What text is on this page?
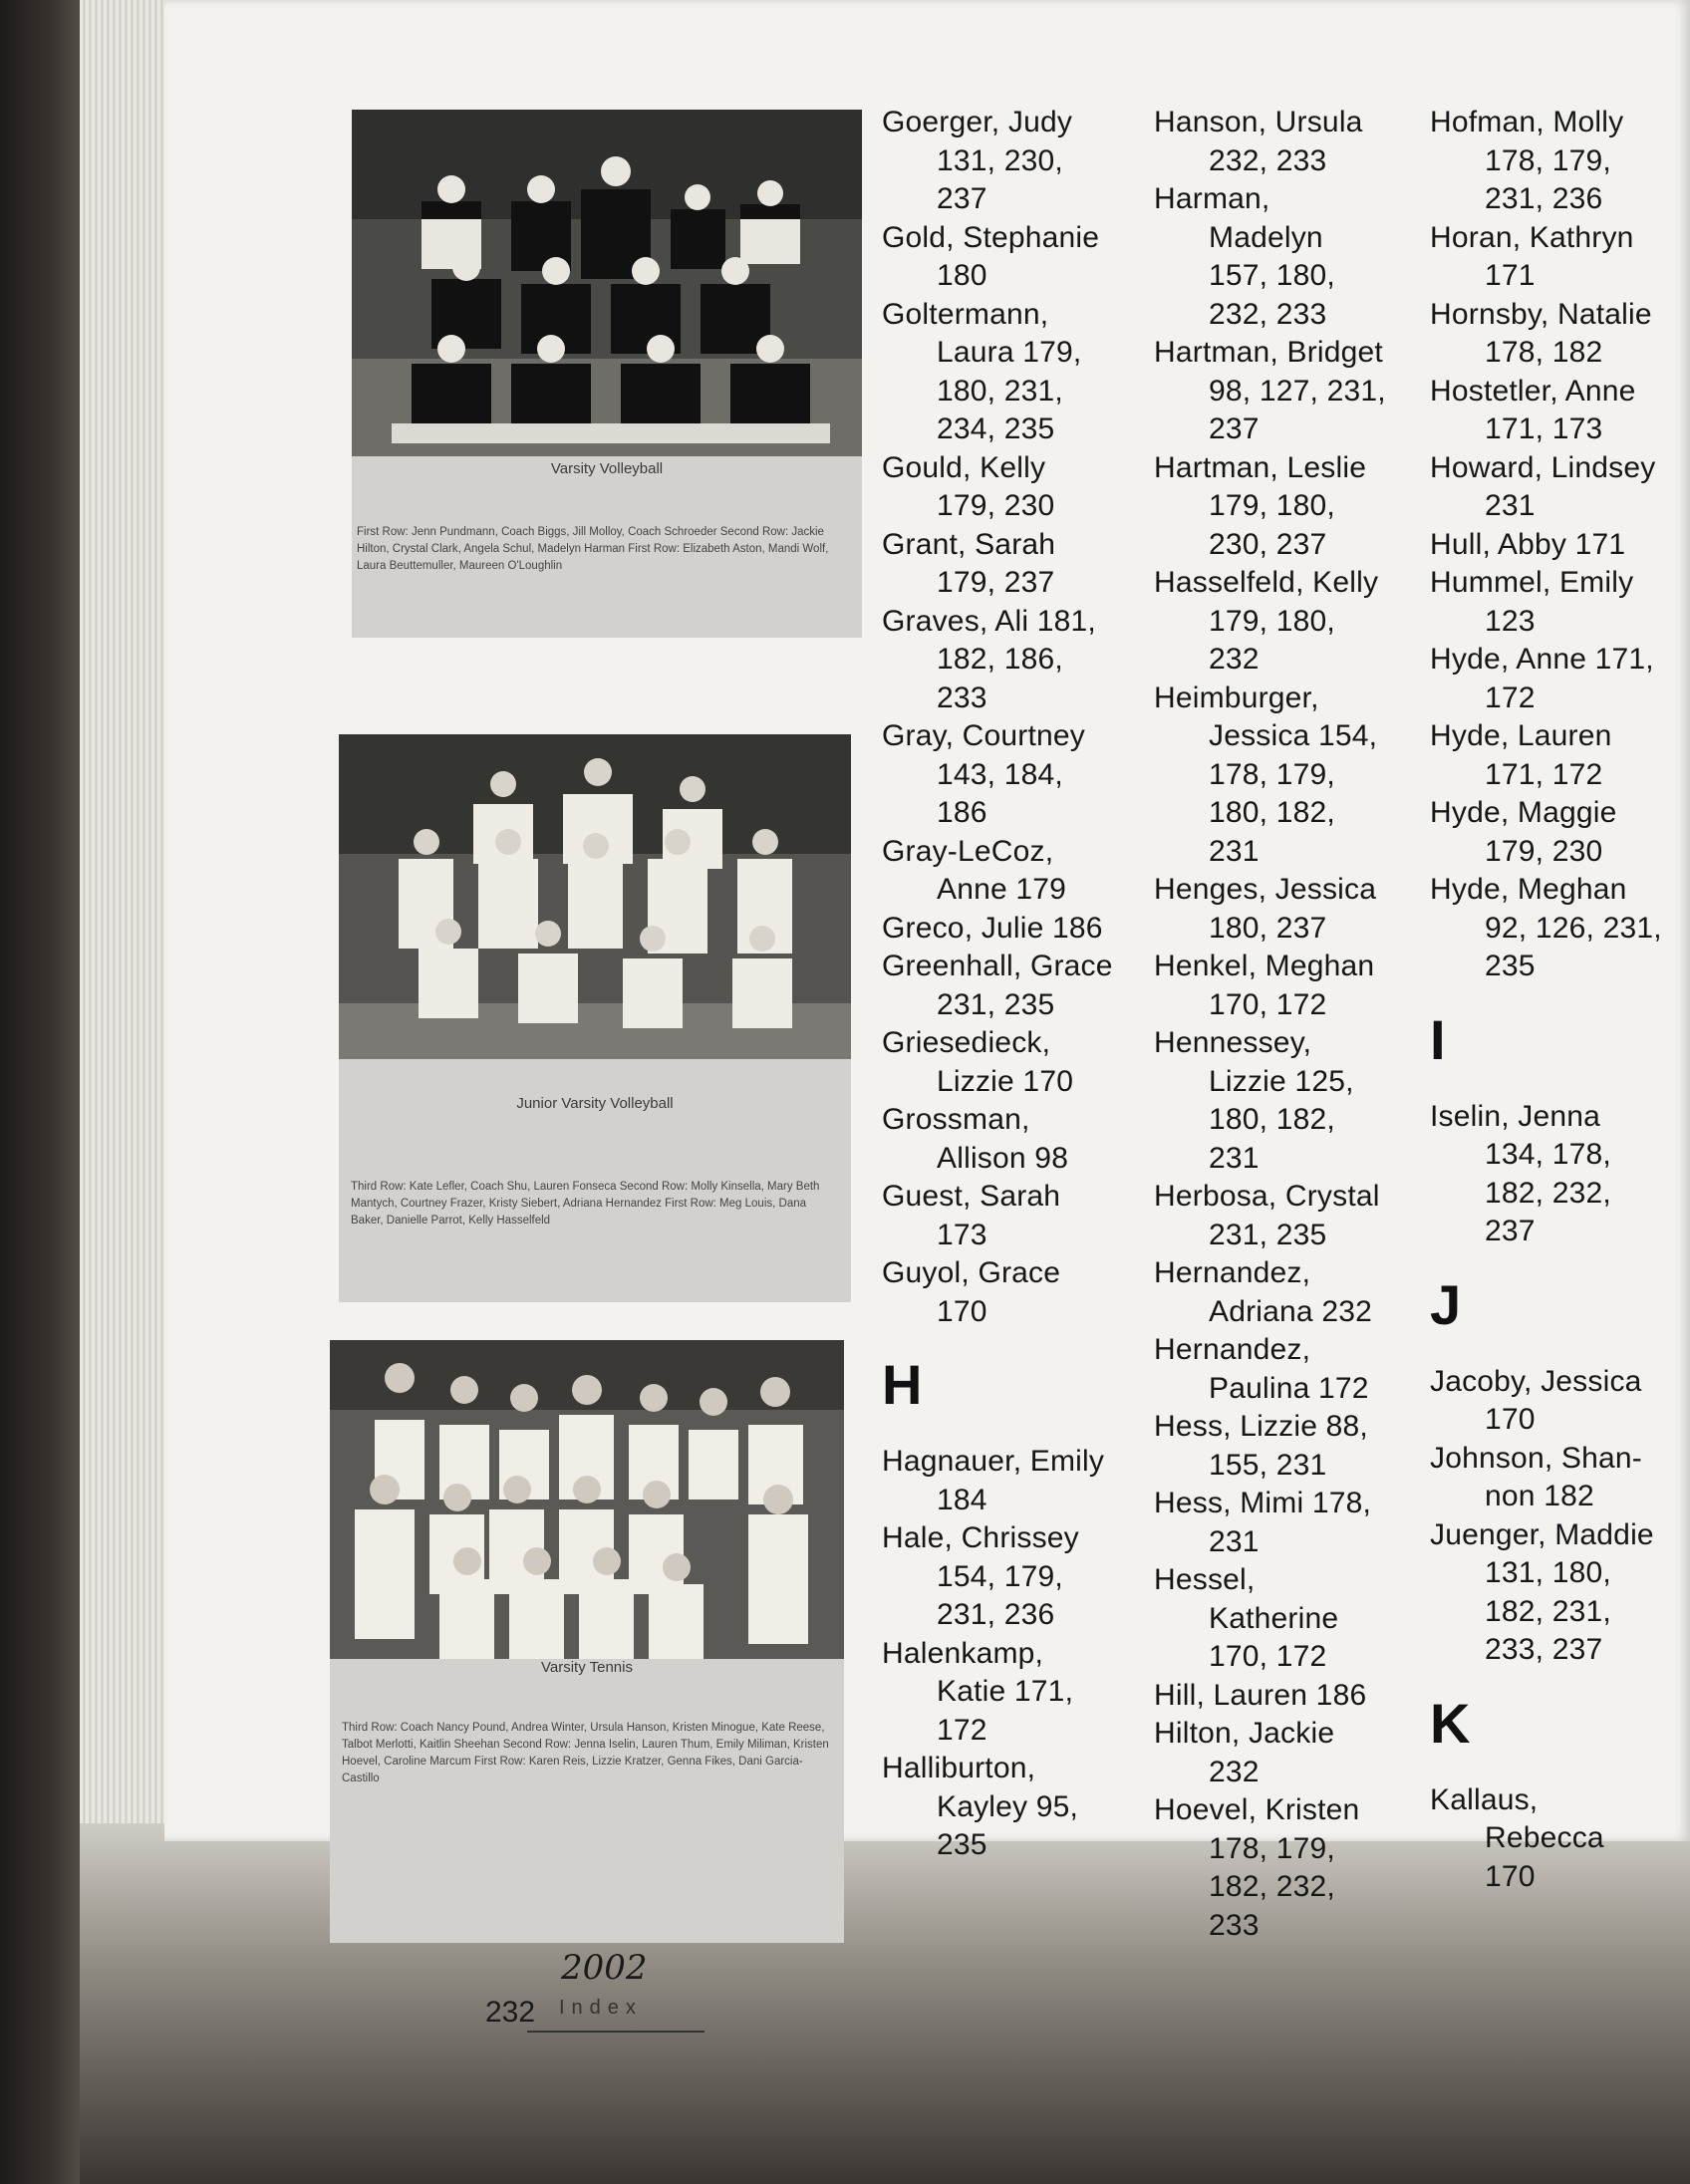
Varsity Volleyball
First Row: Jenn Pundmann, Coach Biggs, Jill Molloy, Coach Schroeder Second Row: Jackie Hilton, Crystal Clark, Angela Schul, Madelyn Harman First Row: Elizabeth Aston, Mandi Wolf, Laura Beuttemuller, Maureen O'Loughlin
Junior Varsity Volleyball
Third Row: Kate Lefler, Coach Shu, Lauren Fonseca Second Row: Molly Kinsella, Mary Beth Mantych, Courtney Frazer, Kristy Siebert, Adriana Hernandez First Row: Meg Louis, Dana Baker, Danielle Parrot, Kelly Hasselfeld
Varsity Tennis
Third Row: Coach Nancy Pound, Andrea Winter, Ursula Hanson, Kristen Minogue, Kate Reese, Talbot Merlotti, Kaitlin Sheehan Second Row: Jenna Iselin, Lauren Thum, Emily Miliman, Kristen Hoevel, Caroline Marcum First Row: Karen Reis, Lizzie Kratzer, Genna Fikes, Dani Garcia-Castillo
Goerger, Judy
131, 230,
237
Gold, Stephanie
180
Goltermann,
Laura 179,
180, 231,
234, 235
Gould, Kelly
179, 230
Grant, Sarah
179, 237
Graves, Ali 181,
182, 186,
233
Gray, Courtney
143, 184,
186
Gray-LeCoz,
Anne 179
Greco, Julie 186
Greenhall, Grace
231, 235
Griesedieck,
Lizzie 170
Grossman,
Allison 98
Guest, Sarah
173
Guyol, Grace
170
H
Hagnauer, Emily
184
Hale, Chrissey
154, 179,
231, 236
Halenkamp,
Katie 171,
172
Halliburton,
Kayley 95,
235
Hanson, Ursula
232, 233
Harman,
Madelyn
157, 180,
232, 233
Hartman, Bridget
98, 127, 231,
237
Hartman, Leslie
179, 180,
230, 237
Hasselfeld, Kelly
179, 180,
232
Heimburger,
Jessica 154,
178, 179,
180, 182,
231
Henges, Jessica
180, 237
Henkel, Meghan
170, 172
Hennessey,
Lizzie 125,
180, 182,
231
Herbosa, Crystal
231, 235
Hernandez,
Adriana 232
Hernandez,
Paulina 172
Hess, Lizzie 88,
155, 231
Hess, Mimi 178,
231
Hessel,
Katherine
170, 172
Hill, Lauren 186
Hilton, Jackie
232
Hoevel, Kristen
178, 179,
182, 232,
233
Hofman, Molly
178, 179,
231, 236
Horan, Kathryn
171
Hornsby, Natalie
178, 182
Hostetler, Anne
171, 173
Howard, Lindsey
231
Hull, Abby 171
Hummel, Emily
123
Hyde, Anne 171,
172
Hyde, Lauren
171, 172
Hyde, Maggie
179, 230
Hyde, Meghan
92, 126, 231,
235
I
Iselin, Jenna
134, 178,
182, 232,
237
J
Jacoby, Jessica
170
Johnson, Shan-
non 182
Juenger, Maddie
131, 180,
182, 231,
233, 237
K
Kallaus,
Rebecca
170
2002
232 Index
